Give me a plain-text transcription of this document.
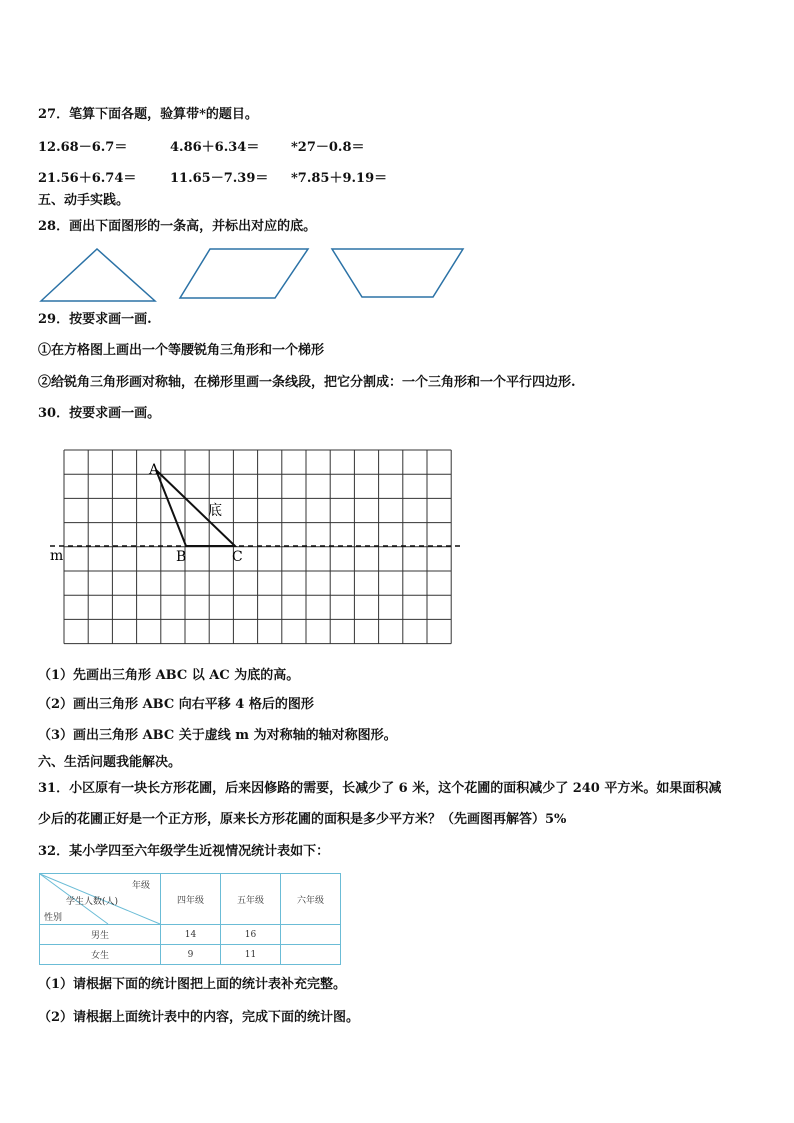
27．笔算下面各题，验算带*的题目。
12.68－6.7＝	4.86＋6.34＝ *27－0.8＝
21.56＋6.74＝	11.65－7.39＝ *7.85＋9.19＝
五、动手实践。
28．画出下面图形的一条高，并标出对应的底。
29．按要求画一画.
①在方格图上画出一个等腰锐角三角形和一个梯形
②给锐角三角形画对称轴，在梯形里画一条线段，把它分割成：一个三角形和一个平行四边形.
30．按要求画一画。
A
B	C
底
m
（1）先画出三角形 ABC 以 AC 为底的高。
（2）画出三角形 ABC 向右平移 4 格后的图形
（3）画出三角形 ABC 关于虚线 m 为对称轴的轴对称图形。
六、生活问题我能解决。
31．小区原有一块长方形花圃，后来因修路的需要，长减少了 6 米，这个花圃的面积减少了 240 平方米。如果面积减
少后的花圃正好是一个正方形，原来长方形花圃的面积是多少平方米？（先画图再解答）5%
32．某小学四至六年级学生近视情况统计表如下：
年级
学生人数(人)
性别	四年级	五年级	六年级
男生	14	16	
女生	9	11	
（1）请根据下面的统计图把上面的统计表补充完整。
（2）请根据上面统计表中的内容，完成下面的统计图。
